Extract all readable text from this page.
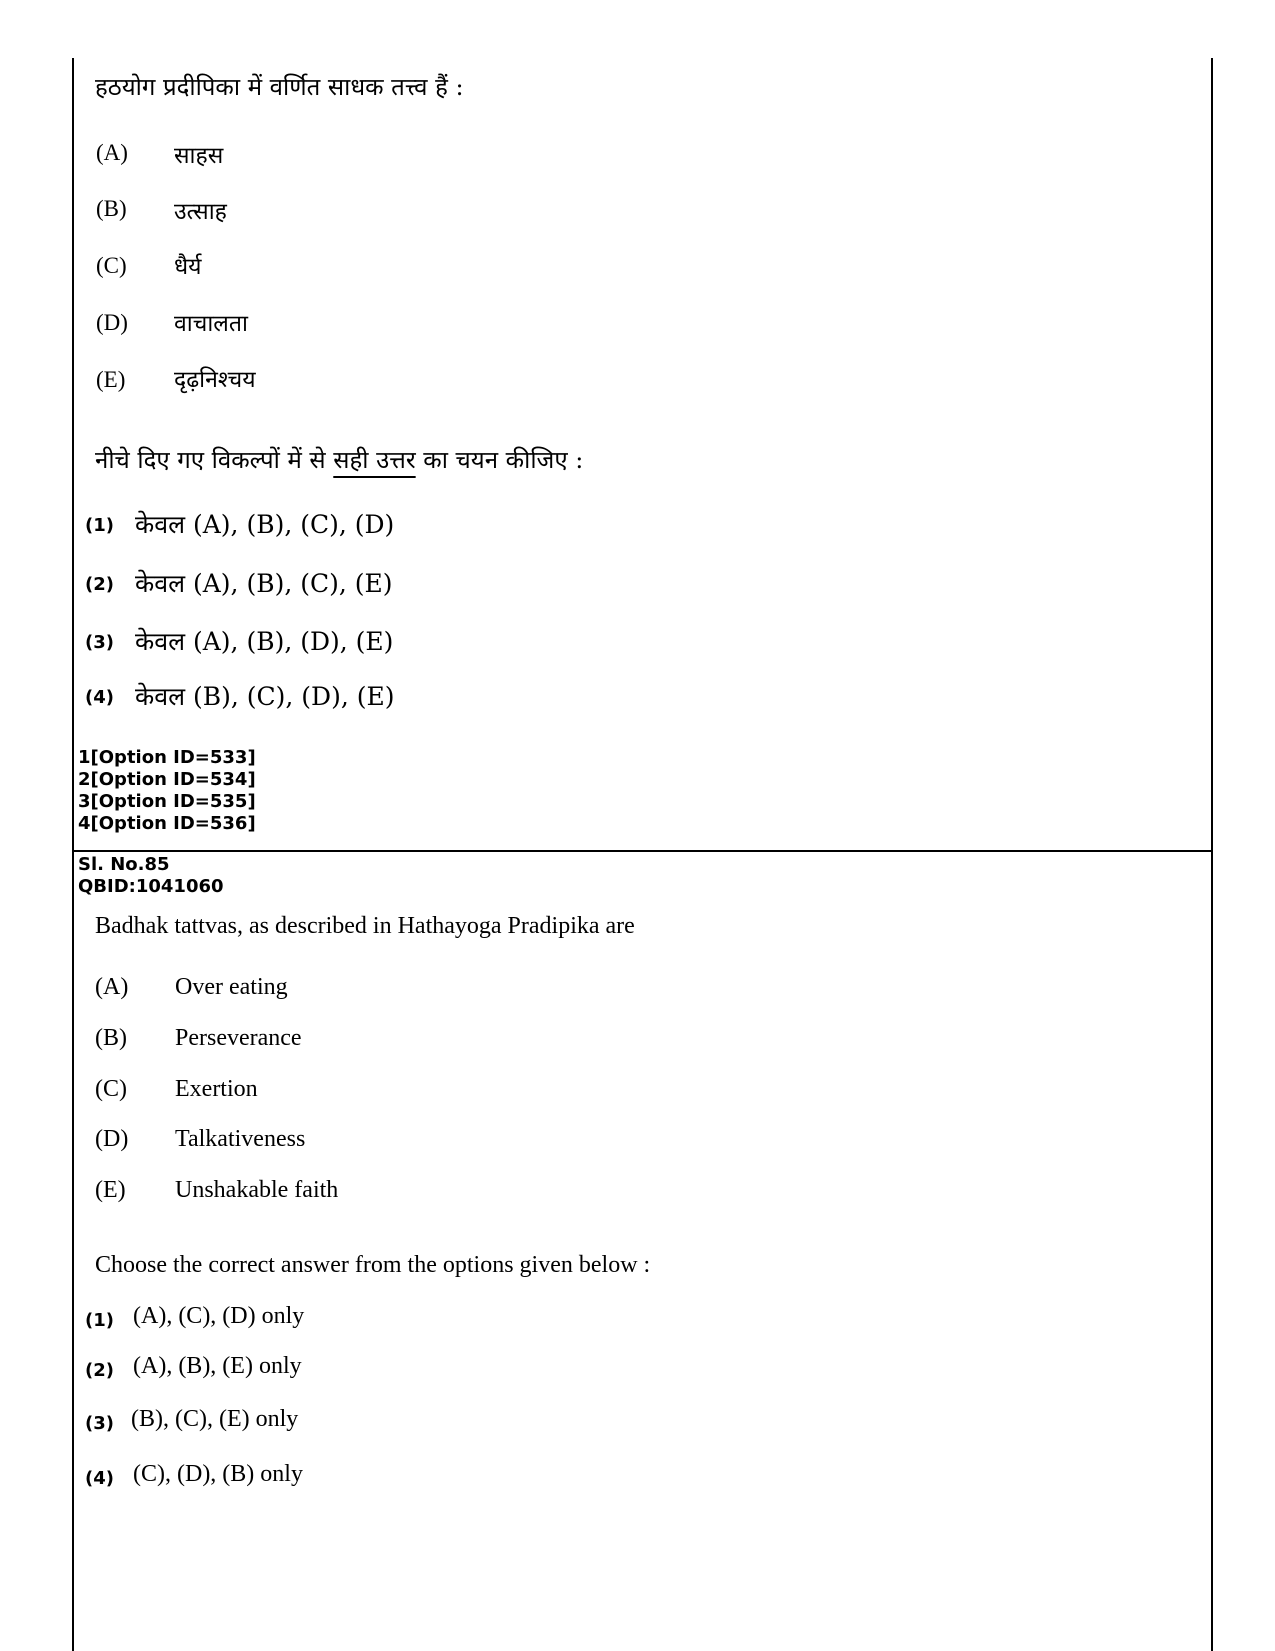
हठयोग प्रदीपिका में वर्णित साधक तत्त्व हैं :
(A) साहस
(B) उत्साह
(C) धैर्य
(D) वाचालता
(E) दृढ़निश्चय
नीचे दिए गए विकल्पों में से सही उत्तर का चयन कीजिए :
(1) केवल (A), (B), (C), (D)
(2) केवल (A), (B), (C), (E)
(3) केवल (A), (B), (D), (E)
(4) केवल (B), (C), (D), (E)
1[Option ID=533]
2[Option ID=534]
3[Option ID=535]
4[Option ID=536]
Sl. No.85
QBID:1041060
Badhak tattvas, as described in Hathayoga Pradipika are
(A) Over eating
(B) Perseverance
(C) Exertion
(D) Talkativeness
(E) Unshakable faith
Choose the correct answer from the options given below :
(1) (A), (C), (D) only
(2) (A), (B), (E) only
(3) (B), (C), (E) only
(4) (C), (D), (B) only
